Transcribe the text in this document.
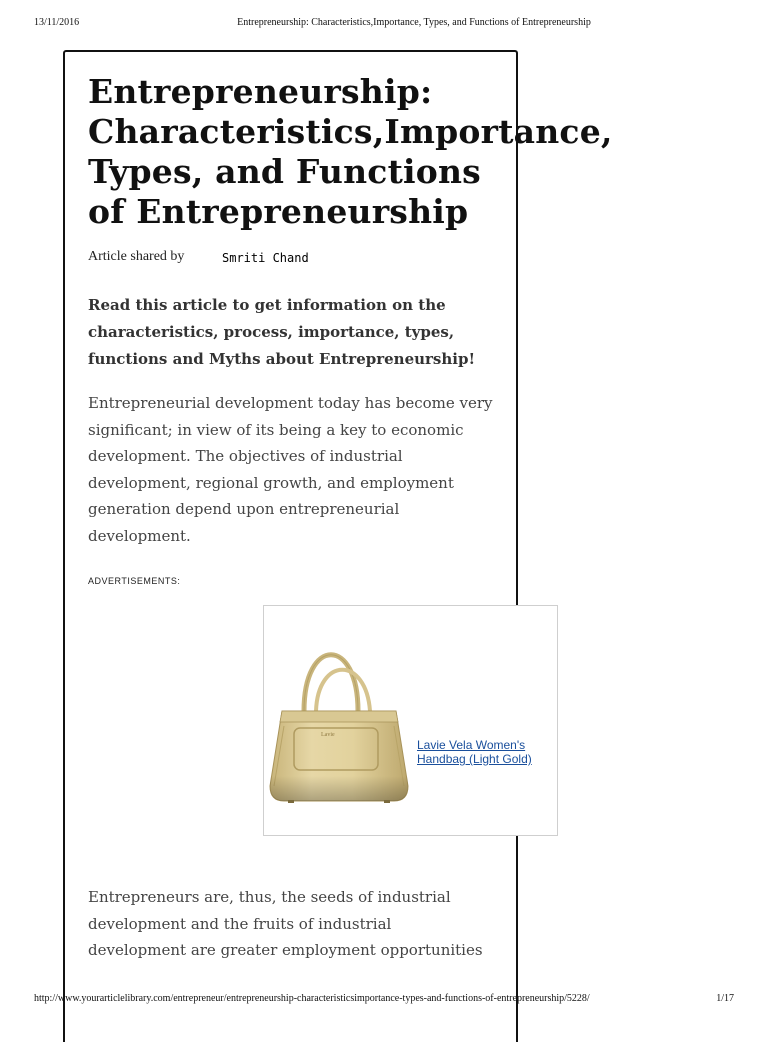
13/11/2016	Entrepreneurship: Characteristics,Importance, Types, and Functions of Entrepreneurship
Entrepreneurship:
Characteristics,Importance,
Types, and Functions
of Entrepreneurship
Article shared by	Smriti Chand

Read this article to get information on the characteristics, process, importance, types, functions and Myths about Entrepreneurship!

Entrepreneurial development today has become very significant; in view of its being a key to economic development. The objectives of industrial development, regional growth, and employment generation depend upon entrepreneurial development.

ADVERTISEMENTS:
Lavie
Lavie Vela Women's Handbag (Light Gold)

Entrepreneurs are, thus, the seeds of industrial development and the fruits of industrial development are greater employment opportunities

http://www.yourarticlelibrary.com/entrepreneur/entrepreneurship-characteristicsimportance-types-and-functions-of-entrepreneurship/5228/	1/17
